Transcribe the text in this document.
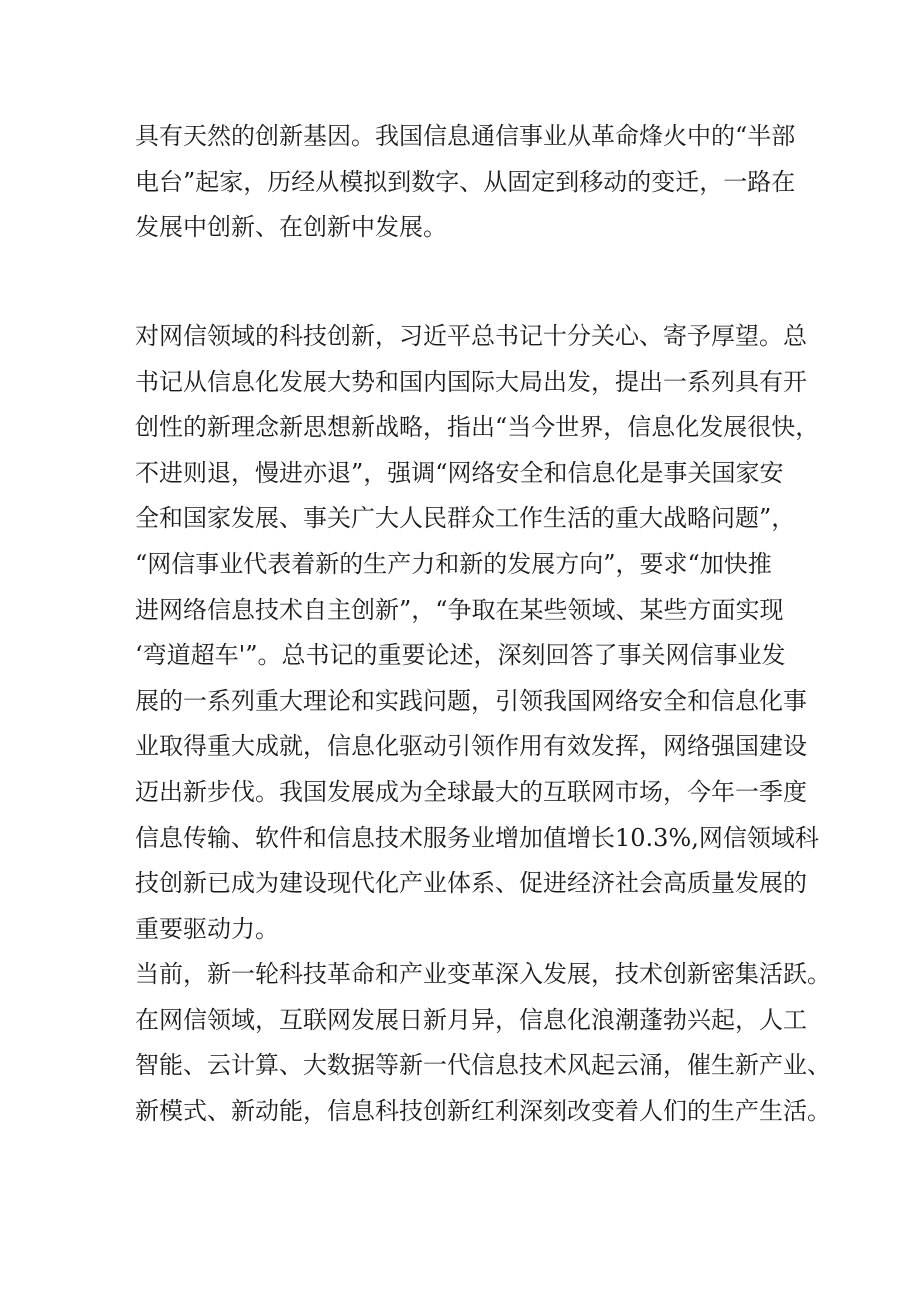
具有天然的创新基因。我国信息通信事业从革命烽火中的“半部
电台”起家，历经从模拟到数字、从固定到移动的变迁，一路在
发展中创新、在创新中发展。

对网信领域的科技创新，习近平总书记十分关心、寄予厚望。总
书记从信息化发展大势和国内国际大局出发，提出一系列具有开
创性的新理念新思想新战略，指出“当今世界，信息化发展很快，
不进则退，慢进亦退”，强调“网络安全和信息化是事关国家安
全和国家发展、事关广大人民群众工作生活的重大战略问题”，
“网信事业代表着新的生产力和新的发展方向”，要求“加快推
进网络信息技术自主创新”，“争取在某些领域、某些方面实现
‘弯道超车'”。总书记的重要论述，深刻回答了事关网信事业发
展的一系列重大理论和实践问题，引领我国网络安全和信息化事
业取得重大成就，信息化驱动引领作用有效发挥，网络强国建设
迈出新步伐。我国发展成为全球最大的互联网市场，今年一季度
信息传输、软件和信息技术服务业增加值增长10.3%,网信领域科
技创新已成为建设现代化产业体系、促进经济社会高质量发展的
重要驱动力。

当前，新一轮科技革命和产业变革深入发展，技术创新密集活跃。
在网信领域，互联网发展日新月异，信息化浪潮蓬勃兴起，人工
智能、云计算、大数据等新一代信息技术风起云涌，催生新产业、
新模式、新动能，信息科技创新红利深刻改变着人们的生产生活。
